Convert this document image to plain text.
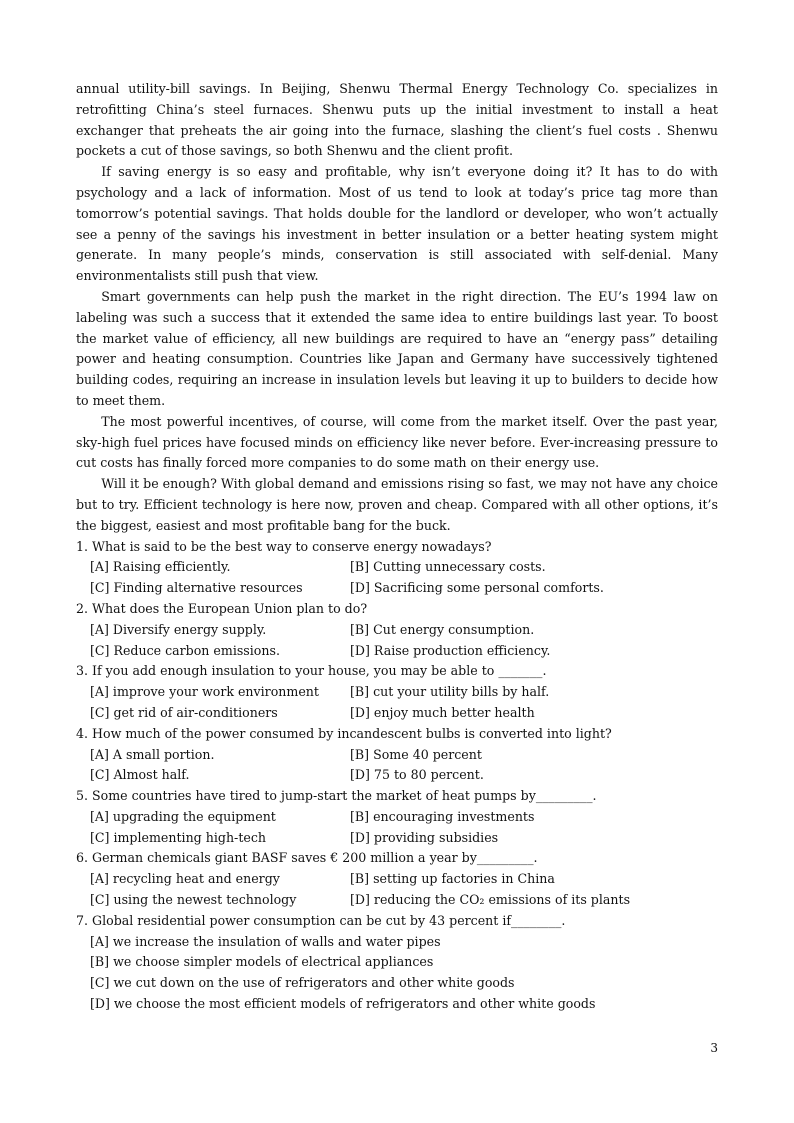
annual utility-bill savings. In Beijing, Shenwu Thermal Energy Technology Co. specializes in retrofitting China’s steel furnaces. Shenwu puts up the initial investment to install a heat exchanger that preheats the air going into the furnace, slashing the client’s fuel costs . Shenwu pockets a cut of those savings, so both Shenwu and the client profit.

If saving energy is so easy and profitable, why isn’t everyone doing it? It has to do with psychology and a lack of information. Most of us tend to look at today’s price tag more than tomorrow’s potential savings. That holds double for the landlord or developer, who won’t actually see a penny of the savings his investment in better insulation or a better heating system might generate. In many people’s minds, conservation is still associated with self-denial. Many environmentalists still push that view.

Smart governments can help push the market in the right direction. The EU’s 1994 law on labeling was such a success that it extended the same idea to entire buildings last year. To boost the market value of efficiency, all new buildings are required to have an “energy pass” detailing power and heating consumption. Countries like Japan and Germany have successively tightened building codes, requiring an increase in insulation levels but leaving it up to builders to decide how to meet them.

The most powerful incentives, of course, will come from the market itself. Over the past year, sky-high fuel prices have focused minds on efficiency like never before. Ever-increasing pressure to cut costs has finally forced more companies to do some math on their energy use.

Will it be enough? With global demand and emissions rising so fast, we may not have any choice but to try. Efficient technology is here now, proven and cheap. Compared with all other options, it’s the biggest, easiest and most profitable bang for the buck.

1. What is said to be the best way to conserve energy nowadays?

[A] Raising efficiently.	[B] Cutting unnecessary costs.
[C] Finding alternative resources	[D] Sacrificing some personal comforts.

2. What does the European Union plan to do?

[A] Diversify energy supply.	[B] Cut energy consumption.
[C] Reduce carbon emissions.	[D] Raise production efficiency.

3. If you add enough insulation to your house, you may be able to _______.

[A] improve your work environment [B] cut your utility bills by half.
[C] get rid of air-conditioners	[D] enjoy much better health

4. How much of the power consumed by incandescent bulbs is converted into light?

[A] A small portion.	[B] Some 40 percent
[C] Almost half.	[D] 75 to 80 percent.

5. Some countries have tired to jump-start the market of heat pumps by_________.

[A] upgrading the equipment	[B] encouraging investments
[C] implementing high-tech	[D] providing subsidies

6. German chemicals giant BASF saves € 200 million a year by_________.

[A] recycling heat and energy	[B] setting up factories in China
[C] using the newest technology	[D] reducing the CO₂ emissions of its plants

7. Global residential power consumption can be cut by 43 percent if________.

[A] we increase the insulation of walls and water pipes
[B] we choose simpler models of electrical appliances
[C] we cut down on the use of refrigerators and other white goods
[D] we choose the most efficient models of refrigerators and other white goods
3
